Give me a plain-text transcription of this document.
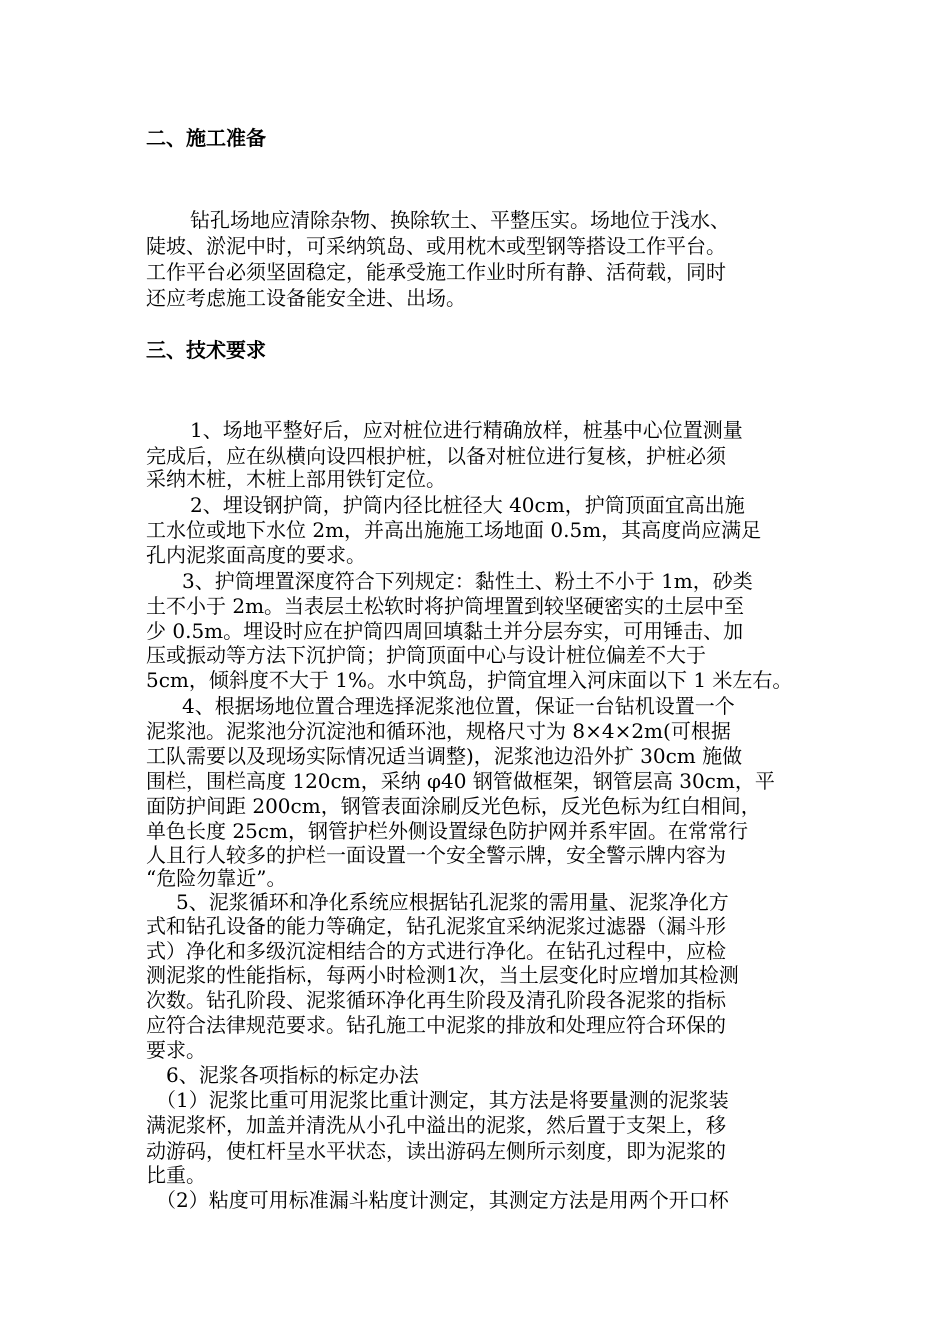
二、施工准备
钻孔场地应清除杂物、换除软土、平整压实。场地位于浅水、
陡坡、淤泥中时，可采纳筑岛、或用枕木或型钢等搭设工作平台。
工作平台必须坚固稳定，能承受施工作业时所有静、活荷载，同时
还应考虑施工设备能安全进、出场。
三、技术要求
1、场地平整好后，应对桩位进行精确放样，桩基中心位置测量
完成后，应在纵横向设四根护桩，以备对桩位进行复核，护桩必须
采纳木桩，木桩上部用铁钉定位。
2、埋设钢护筒，护筒内径比桩径大 40cm，护筒顶面宜高出施
工水位或地下水位 2m，并高出施施工场地面 0.5m，其高度尚应满足
孔内泥浆面高度的要求。
3、护筒埋置深度符合下列规定：黏性土、粉土不小于 1m，砂类
土不小于 2m。当表层土松软时将护筒埋置到较坚硬密实的土层中至
少 0.5m。埋设时应在护筒四周回填黏土并分层夯实，可用锤击、加
压或振动等方法下沉护筒；护筒顶面中心与设计桩位偏差不大于
5cm，倾斜度不大于 1%。水中筑岛，护筒宜埋入河床面以下 1 米左右。
4、根据场地位置合理选择泥浆池位置，保证一台钻机设置一个
泥浆池。泥浆池分沉淀池和循环池，规格尺寸为 8×4×2m(可根据
工队需要以及现场实际情况适当调整)，泥浆池边沿外扩 30cm 施做
围栏，围栏高度 120cm，采纳 φ40 钢管做框架，钢管层高 30cm，平
面防护间距 200cm，钢管表面涂刷反光色标，反光色标为红白相间，
单色长度 25cm，钢管护栏外侧设置绿色防护网并系牢固。在常常行
人且行人较多的护栏一面设置一个安全警示牌，安全警示牌内容为
“危险勿靠近”。
5、泥浆循环和净化系统应根据钻孔泥浆的需用量、泥浆净化方
式和钻孔设备的能力等确定，钻孔泥浆宜采纳泥浆过滤器（漏斗形
式）净化和多级沉淀相结合的方式进行净化。在钻孔过程中，应检
测泥浆的性能指标，每两小时检测1次，当土层变化时应增加其检测
次数。钻孔阶段、泥浆循环净化再生阶段及清孔阶段各泥浆的指标
应符合法律规范要求。钻孔施工中泥浆的排放和处理应符合环保的
要求。
6、泥浆各项指标的标定办法
（1）泥浆比重可用泥浆比重计测定，其方法是将要量测的泥浆装
满泥浆杯，加盖并清洗从小孔中溢出的泥浆，然后置于支架上，移
动游码，使杠杆呈水平状态，读出游码左侧所示刻度，即为泥浆的
比重。
（2）粘度可用标准漏斗粘度计测定，其测定方法是用两个开口杯
